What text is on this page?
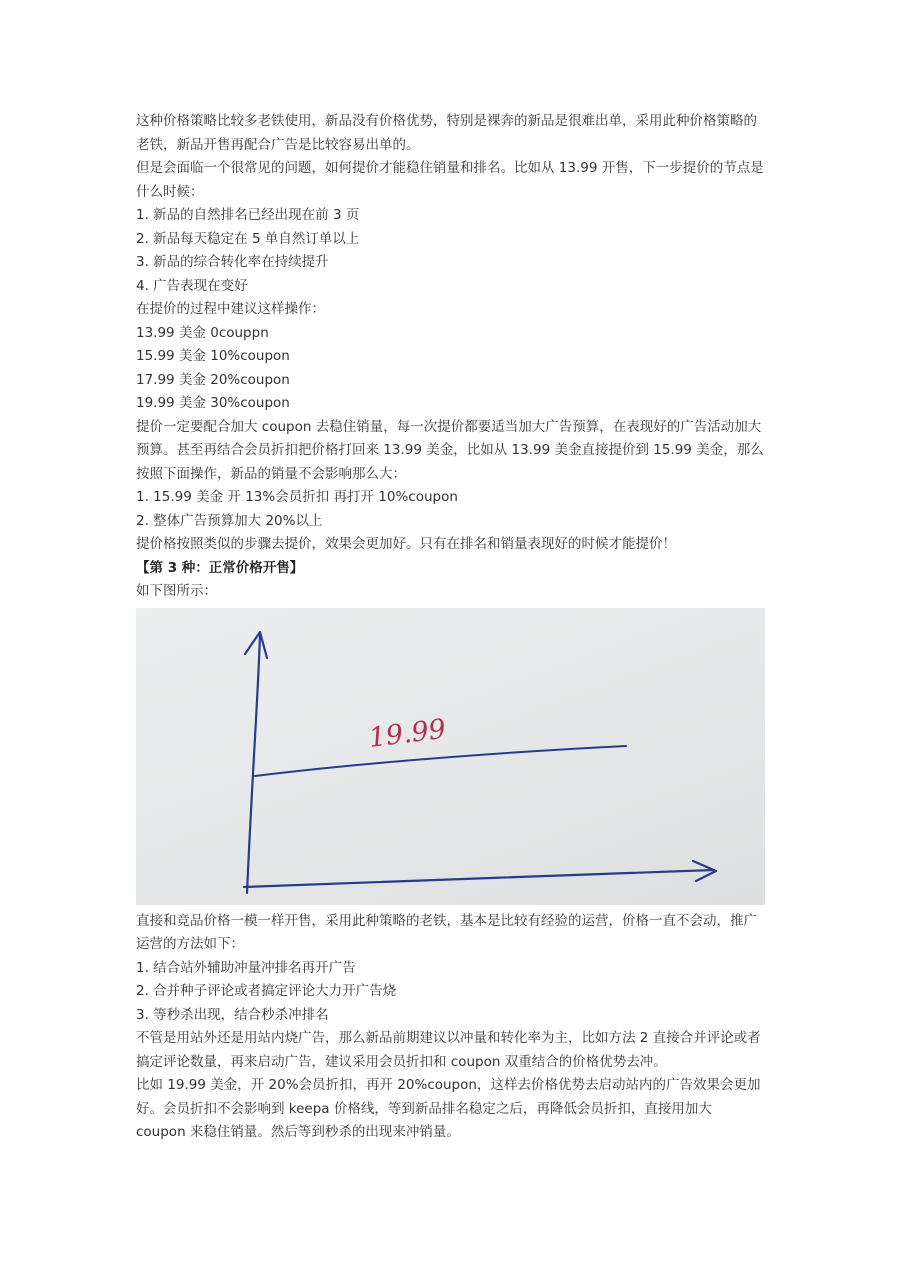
这种价格策略比较多老铁使用，新品没有价格优势，特别是裸奔的新品是很难出单，采用此种价格策略的
老铁，新品开售再配合广告是比较容易出单的。
但是会面临一个很常见的问题，如何提价才能稳住销量和排名。比如从 13.99 开售，下一步提价的节点是
什么时候：
1. 新品的自然排名已经出现在前 3 页
2. 新品每天稳定在 5 单自然订单以上
3. 新品的综合转化率在持续提升
4. 广告表现在变好
在提价的过程中建议这样操作：
13.99 美金 0couppn
15.99 美金 10%coupon
17.99 美金 20%coupon
19.99 美金 30%coupon
提价一定要配合加大 coupon 去稳住销量，每一次提价都要适当加大广告预算，在表现好的广告活动加大
预算。甚至再结合会员折扣把价格打回来 13.99 美金，比如从 13.99 美金直接提价到 15.99 美金，那么
按照下面操作，新品的销量不会影响那么大：
1. 15.99 美金 开 13%会员折扣 再打开 10%coupon
2. 整体广告预算加大 20%以上
提价格按照类似的步骤去提价，效果会更加好。只有在排名和销量表现好的时候才能提价！
【第 3 种：正常价格开售】
如下图所示：
19.99
直接和竞品价格一模一样开售，采用此种策略的老铁，基本是比较有经验的运营，价格一直不会动，推广
运营的方法如下：
1. 结合站外辅助冲量冲排名再开广告
2. 合并种子评论或者搞定评论大力开广告烧
3. 等秒杀出现，结合秒杀冲排名
不管是用站外还是用站内烧广告，那么新品前期建议以冲量和转化率为主，比如方法 2 直接合并评论或者
搞定评论数量，再来启动广告，建议采用会员折扣和 coupon 双重结合的价格优势去冲。
比如 19.99 美金，开 20%会员折扣，再开 20%coupon，这样去价格优势去启动站内的广告效果会更加
好。会员折扣不会影响到 keepa 价格线，等到新品排名稳定之后，再降低会员折扣，直接用加大
coupon 来稳住销量。然后等到秒杀的出现来冲销量。
